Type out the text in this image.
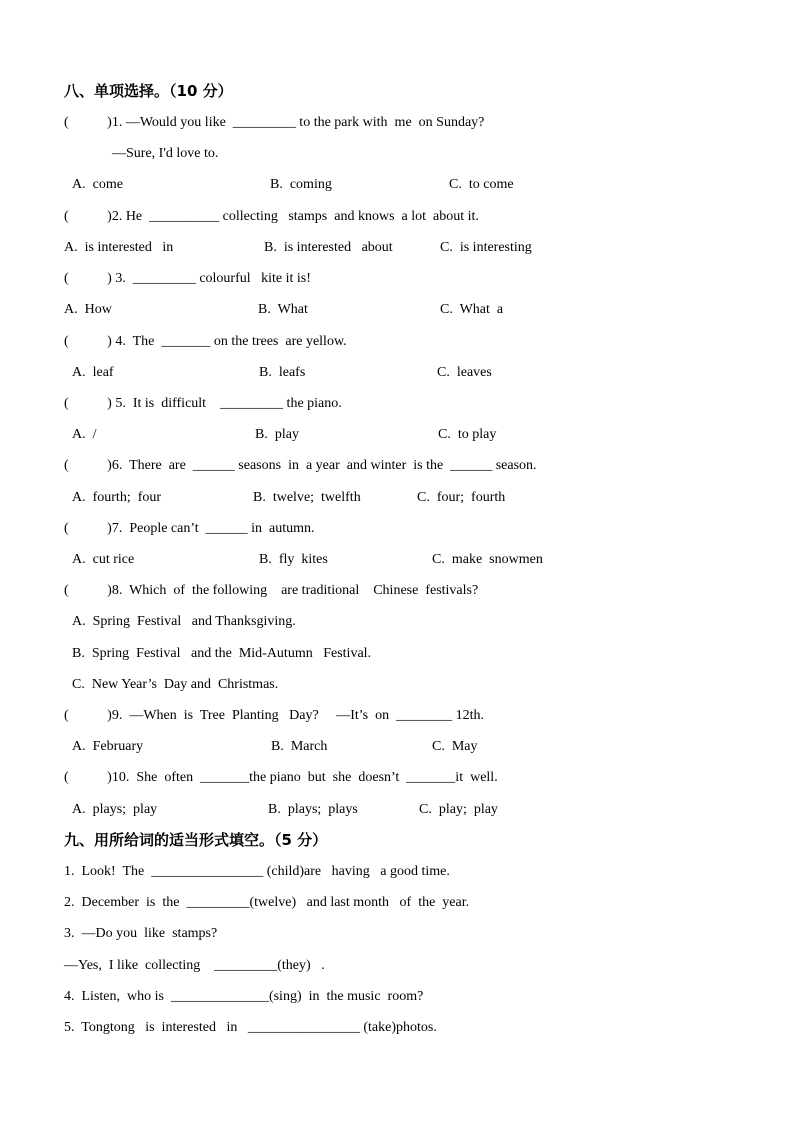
八、单项选择。（10 分）
(           )1. —Would you like  _________ to the park with  me  on Sunday?
—Sure, I'd love to.

A.  come

	B.  coming

	C.  to come

(           )2. He  __________ collecting   stamps  and knows  a lot  about it.

A.  is interested   in

	B.  is interested   about

	C.  is interesting

(           ) 3.  _________ colourful   kite it is!

A.  How

	B.  What

	C.  What  a

(           ) 4.  The  _______ on the trees  are yellow.

A.  leaf

	B.  leafs

	C.  leaves

(           ) 5.  It is  difficult    _________ the piano.

A.  /

	B.  play

	C.  to play

(           )6.  There  are  ______ seasons  in  a year  and winter  is the  ______ season.

A.  fourth;  four

	B.  twelve;  twelfth

	C.  four;  fourth

(           )7.  People can’t  ______ in  autumn.

A.  cut rice

	B.  fly  kites

	C.  make  snowmen

(           )8.  Which  of  the following    are traditional    Chinese  festivals?
A.  Spring  Festival   and Thanksgiving.
B.  Spring  Festival   and the  Mid-Autumn   Festival.
C.  New Year’s  Day and  Christmas.
(           )9.  —When  is  Tree  Planting   Day?     —It’s  on  ________ 12th.

A.  February

	B.  March

	C.  May

(           )10.  She  often  _______the piano  but  she  doesn’t  _______it  well.

A.  plays;  play

	B.  plays;  plays

	C.  play;  play

九、用所给词的适当形式填空。（5 分）
1.  Look!  The  ________________ (child)are   having   a good time.
2.  December  is  the  _________(twelve)   and last month   of  the  year.
3.  —Do you  like  stamps?
—Yes,  I like  collecting    _________(they)   .
4.  Listen,  who is  ______________(sing)  in  the music  room?
5.  Tongtong   is  interested   in   ________________ (take)photos.
